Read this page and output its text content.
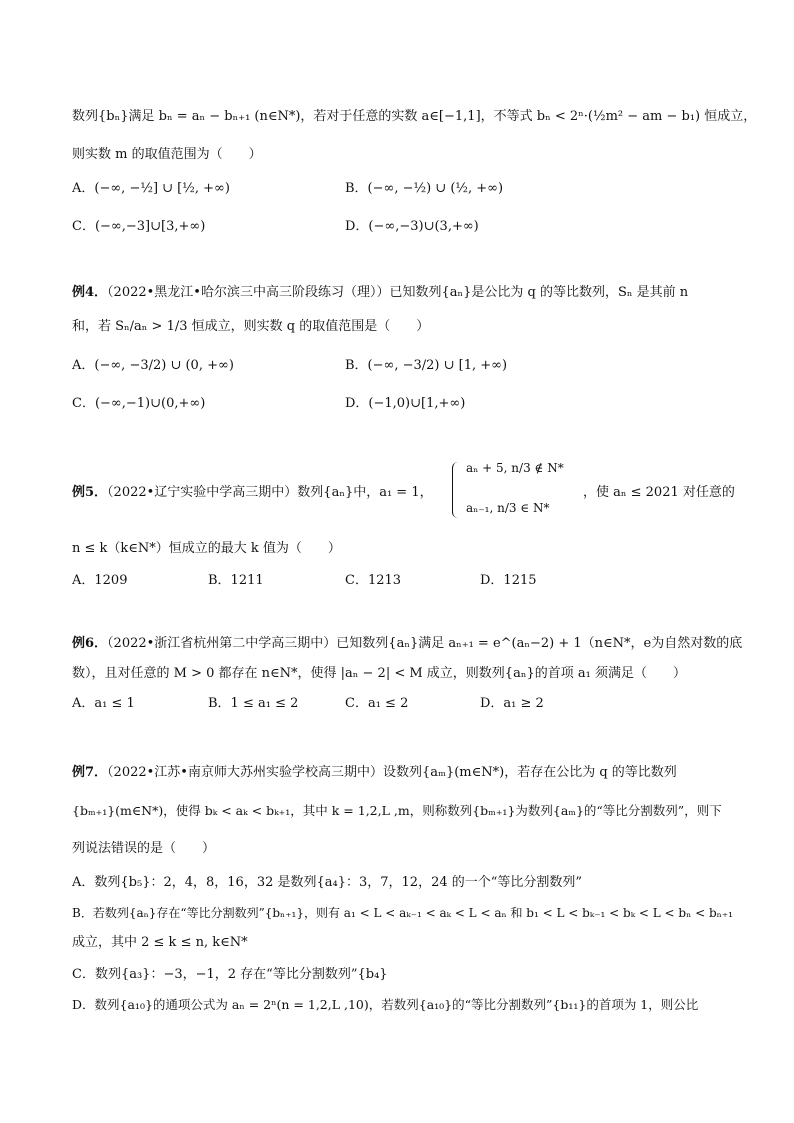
数列{bₙ}满足 bₙ = aₙ − bₙ₊₁ (n∈N*)，若对于任意的实数 a∈[−1,1]，不等式 bₙ < 2ⁿ·(½m² − am − b₁) 恒成立，
则实数 m 的取值范围为（　　）
A．(−∞, −½] ∪ [½, +∞)	B．(−∞, −½) ∪ (½, +∞)
C．(−∞,−3]∪[3,+∞)	D．(−∞,−3)∪(3,+∞)
例4．（2022•黑龙江•哈尔滨三中高三阶段练习（理））已知数列{aₙ}是公比为 q 的等比数列，Sₙ 是其前 n
和，若 Sₙ/aₙ > 1/3 恒成立，则实数 q 的取值范围是（　　）
A．(−∞, −3/2) ∪ (0, +∞)	B．(−∞, −3/2) ∪ [1, +∞)
C．(−∞,−1)∪(0,+∞)	D．(−1,0)∪[1,+∞)
例5．（2022•辽宁实验中学高三期中）数列{aₙ}中，a₁ = 1，
aₙ + 5, n/3 ∉ N*
aₙ₋₁, n/3 ∈ N*
，使 aₙ ≤ 2021 对任意的
n ≤ k（k∈N*）恒成立的最大 k 值为（　　）
A．1209	B．1211	C．1213	D．1215
例6．（2022•浙江省杭州第二中学高三期中）已知数列{aₙ}满足 aₙ₊₁ = e^(aₙ−2) + 1（n∈N*，e为自然对数的底
数），且对任意的 M > 0 都存在 n∈N*，使得 |aₙ − 2| < M 成立，则数列{aₙ}的首项 a₁ 须满足（　　）
A．a₁ ≤ 1	B．1 ≤ a₁ ≤ 2	C．a₁ ≤ 2	D．a₁ ≥ 2
例7．（2022•江苏•南京师大苏州实验学校高三期中）设数列{aₘ}(m∈N*)，若存在公比为 q 的等比数列
{bₘ₊₁}(m∈N*)，使得 bₖ < aₖ < bₖ₊₁，其中 k = 1,2,L ,m，则称数列{bₘ₊₁}为数列{aₘ}的“等比分割数列”，则下
列说法错误的是（　　）
A．数列{b₅}：2，4，8，16，32 是数列{a₄}：3，7，12，24 的一个“等比分割数列”
B．若数列{aₙ}存在“等比分割数列”{bₙ₊₁}，则有 a₁ < L < aₖ₋₁ < aₖ < L < aₙ 和 b₁ < L < bₖ₋₁ < bₖ < L < bₙ < bₙ₊₁
成立，其中 2 ≤ k ≤ n, k∈N*
C．数列{a₃}：−3，−1，2 存在“等比分割数列”{b₄}
D．数列{a₁₀}的通项公式为 aₙ = 2ⁿ(n = 1,2,L ,10)，若数列{a₁₀}的“等比分割数列”{b₁₁}的首项为 1，则公比
